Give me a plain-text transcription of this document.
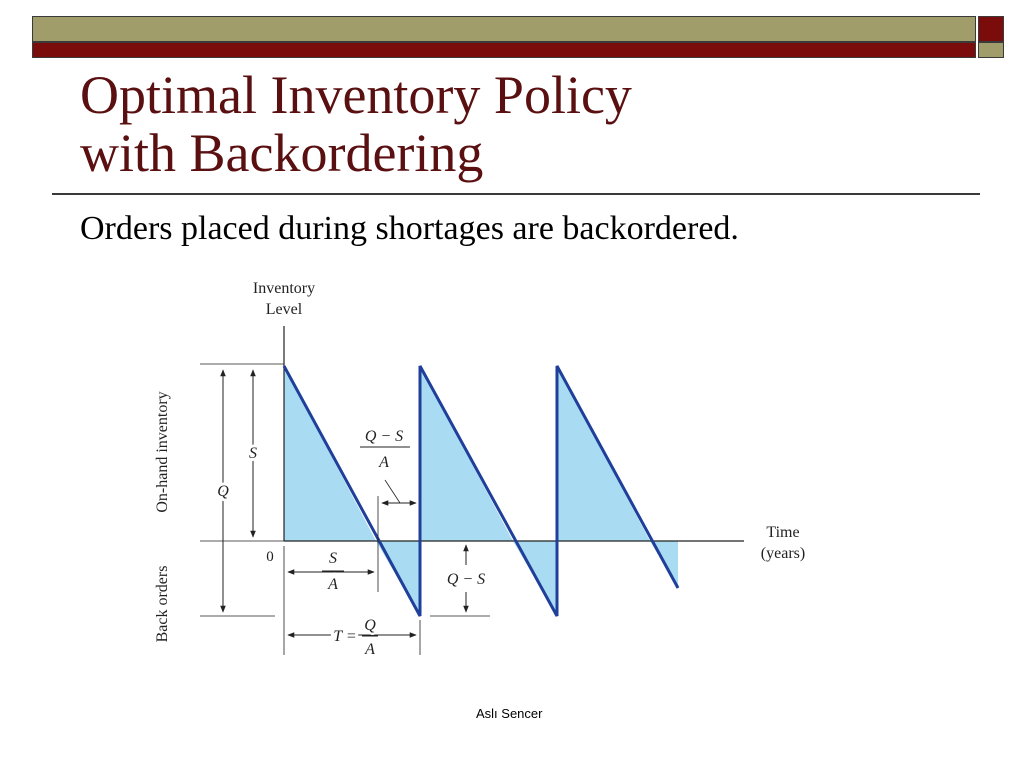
Optimal Inventory Policy
with Backordering
Orders placed during shortages are backordered.
Inventory
Level
Time
(years)
0
On-hand inventory
Back orders
S
Q
Q − S
A
S
A	Q − S
T =
Q
A
Aslı Sencer
